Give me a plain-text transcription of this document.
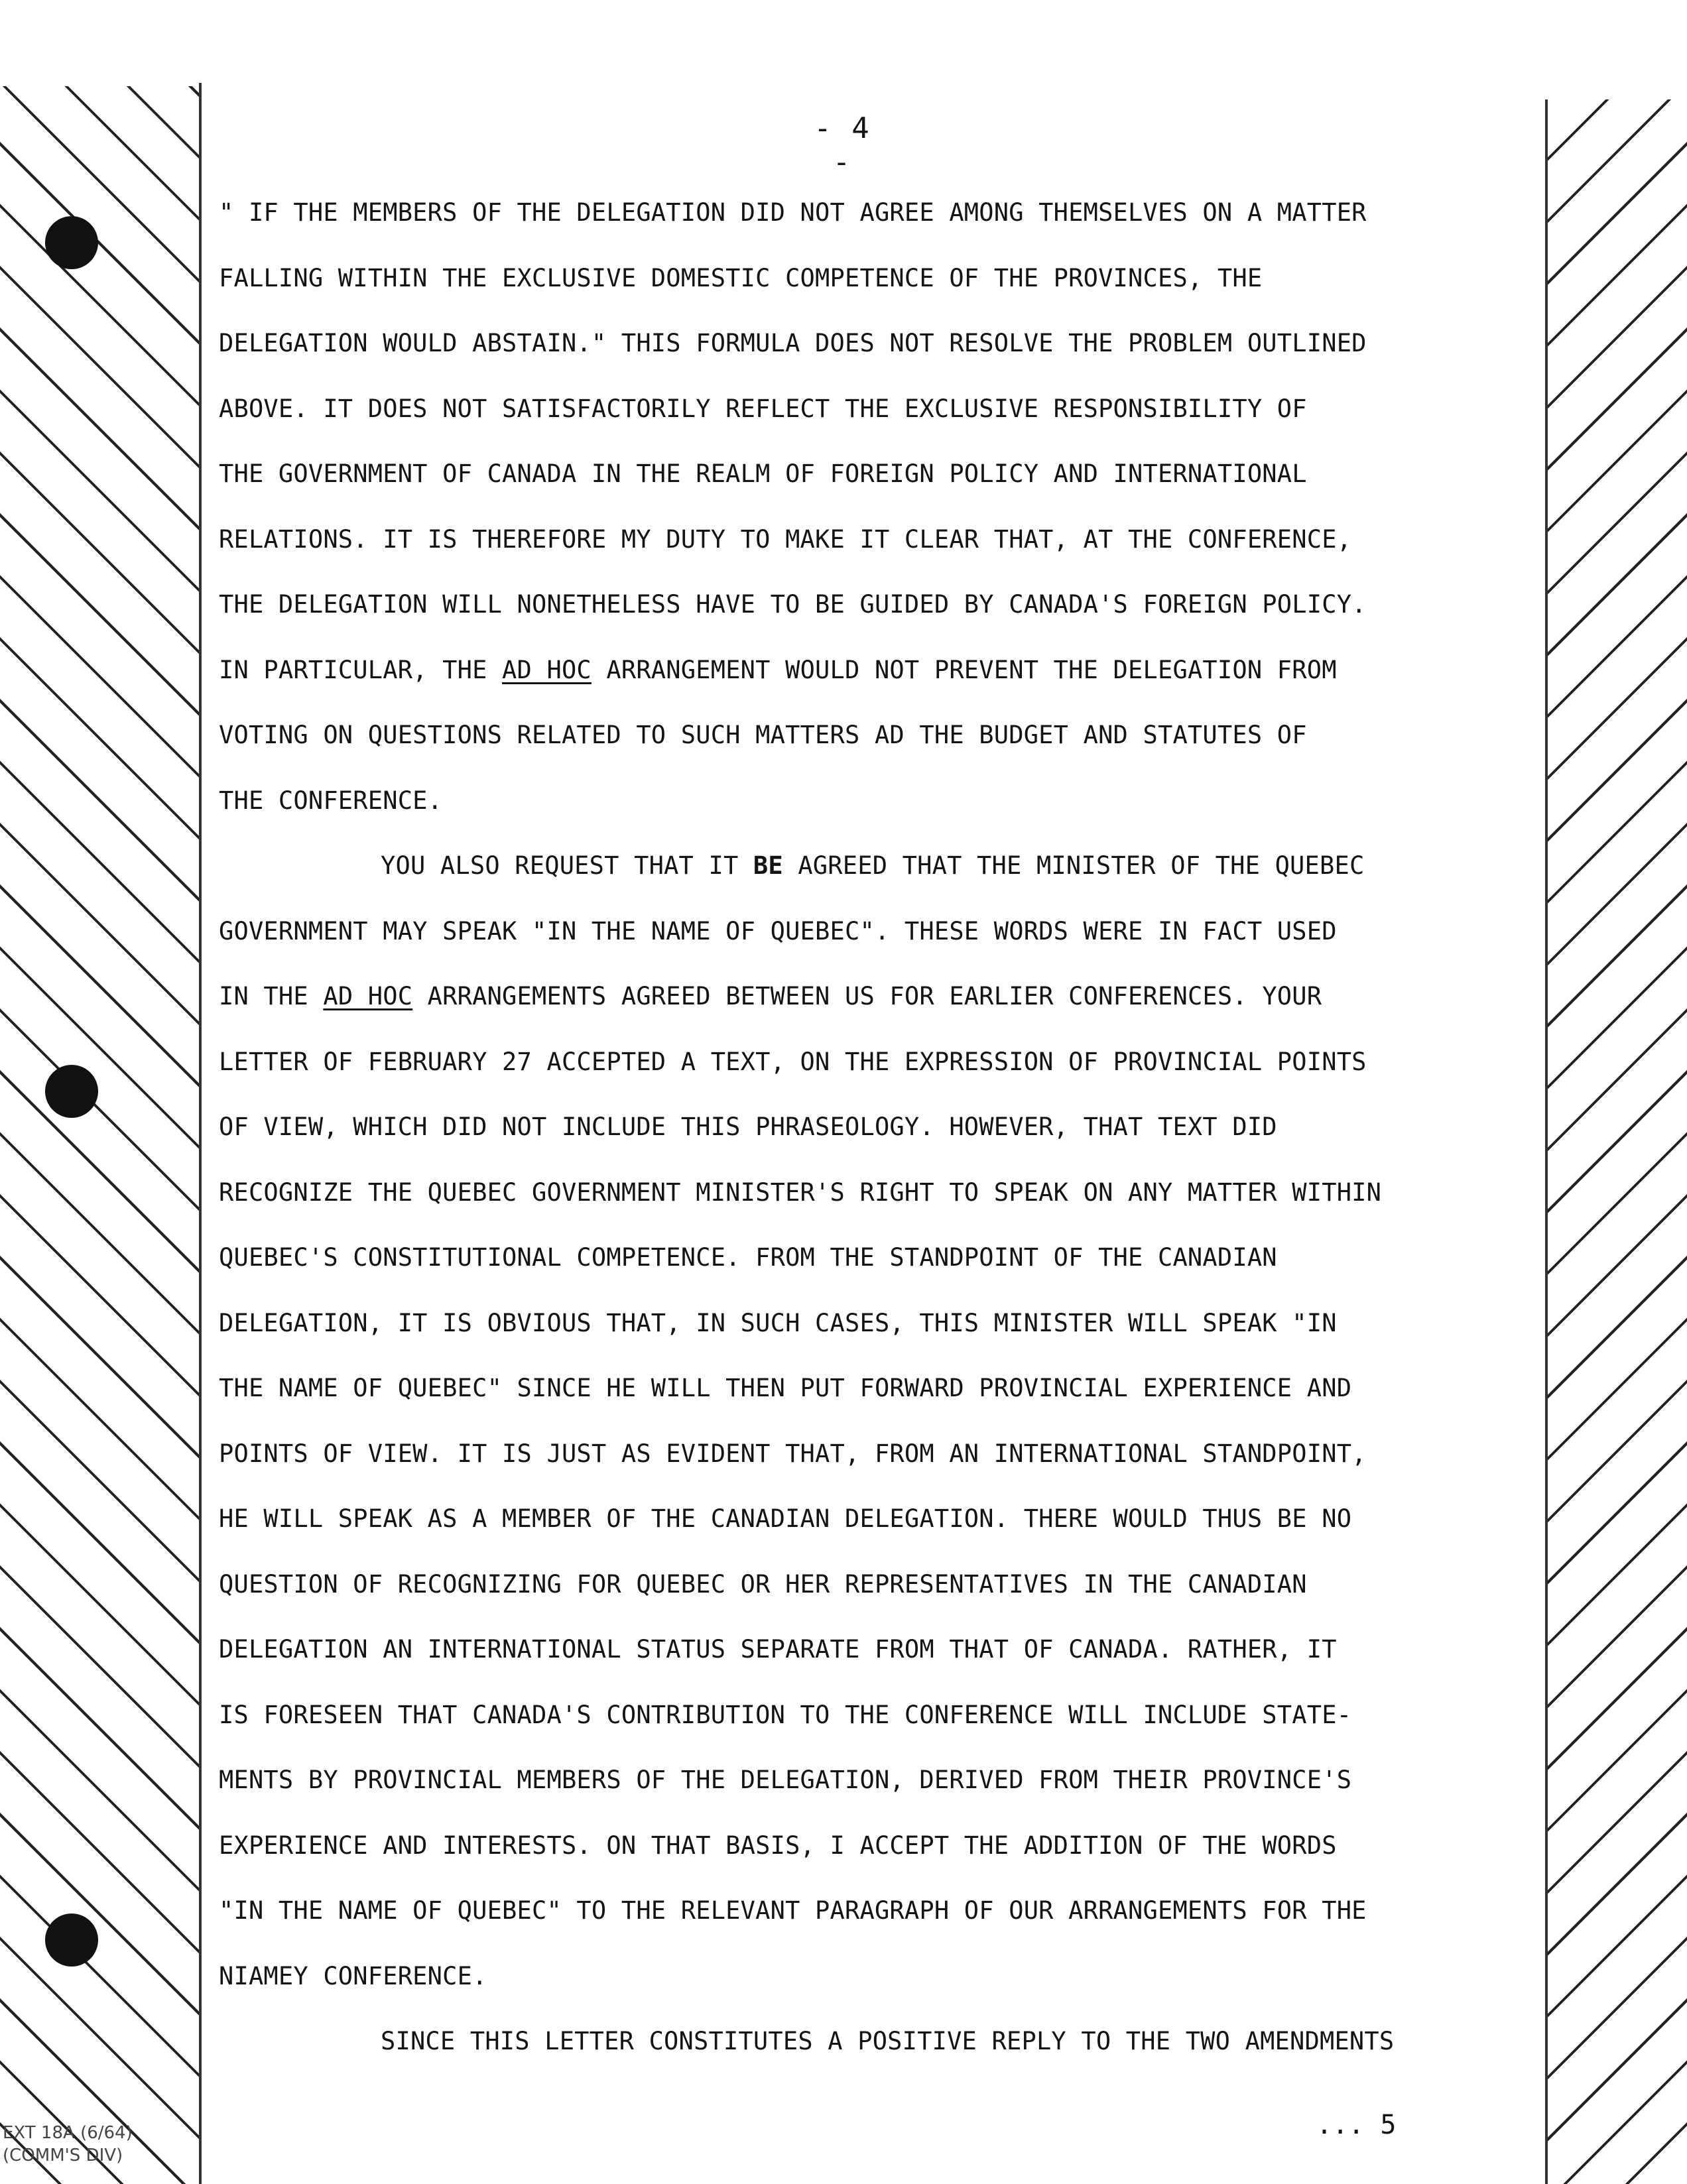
- 4 -
" IF THE MEMBERS OF THE DELEGATION DID NOT AGREE AMONG THEMSELVES ON A MATTER
FALLING WITHIN THE EXCLUSIVE DOMESTIC COMPETENCE OF THE PROVINCES, THE
DELEGATION WOULD ABSTAIN." THIS FORMULA DOES NOT RESOLVE THE PROBLEM OUTLINED
ABOVE. IT DOES NOT SATISFACTORILY REFLECT THE EXCLUSIVE RESPONSIBILITY OF
THE GOVERNMENT OF CANADA IN THE REALM OF FOREIGN POLICY AND INTERNATIONAL
RELATIONS. IT IS THEREFORE MY DUTY TO MAKE IT CLEAR THAT, AT THE CONFERENCE,
THE DELEGATION WILL NONETHELESS HAVE TO BE GUIDED BY CANADA'S FOREIGN POLICY.
IN PARTICULAR, THE AD HOC ARRANGEMENT WOULD NOT PREVENT THE DELEGATION FROM
VOTING ON QUESTIONS RELATED TO SUCH MATTERS AD THE BUDGET AND STATUTES OF
THE CONFERENCE.
YOU ALSO REQUEST THAT IT BE AGREED THAT THE MINISTER OF THE QUEBEC
GOVERNMENT MAY SPEAK "IN THE NAME OF QUEBEC". THESE WORDS WERE IN FACT USED
IN THE AD HOC ARRANGEMENTS AGREED BETWEEN US FOR EARLIER CONFERENCES. YOUR
LETTER OF FEBRUARY 27 ACCEPTED A TEXT, ON THE EXPRESSION OF PROVINCIAL POINTS
OF VIEW, WHICH DID NOT INCLUDE THIS PHRASEOLOGY. HOWEVER, THAT TEXT DID
RECOGNIZE THE QUEBEC GOVERNMENT MINISTER'S RIGHT TO SPEAK ON ANY MATTER WITHIN
QUEBEC'S CONSTITUTIONAL COMPETENCE. FROM THE STANDPOINT OF THE CANADIAN
DELEGATION, IT IS OBVIOUS THAT, IN SUCH CASES, THIS MINISTER WILL SPEAK "IN
THE NAME OF QUEBEC" SINCE HE WILL THEN PUT FORWARD PROVINCIAL EXPERIENCE AND
POINTS OF VIEW. IT IS JUST AS EVIDENT THAT, FROM AN INTERNATIONAL STANDPOINT,
HE WILL SPEAK AS A MEMBER OF THE CANADIAN DELEGATION. THERE WOULD THUS BE NO
QUESTION OF RECOGNIZING FOR QUEBEC OR HER REPRESENTATIVES IN THE CANADIAN
DELEGATION AN INTERNATIONAL STATUS SEPARATE FROM THAT OF CANADA. RATHER, IT
IS FORESEEN THAT CANADA'S CONTRIBUTION TO THE CONFERENCE WILL INCLUDE STATE-
MENTS BY PROVINCIAL MEMBERS OF THE DELEGATION, DERIVED FROM THEIR PROVINCE'S
EXPERIENCE AND INTERESTS. ON THAT BASIS, I ACCEPT THE ADDITION OF THE WORDS
"IN THE NAME OF QUEBEC" TO THE RELEVANT PARAGRAPH OF OUR ARRANGEMENTS FOR THE
NIAMEY CONFERENCE.
SINCE THIS LETTER CONSTITUTES A POSITIVE REPLY TO THE TWO AMENDMENTS
... 5
EXT 18A (6/64)
(COMM'S DIV)
